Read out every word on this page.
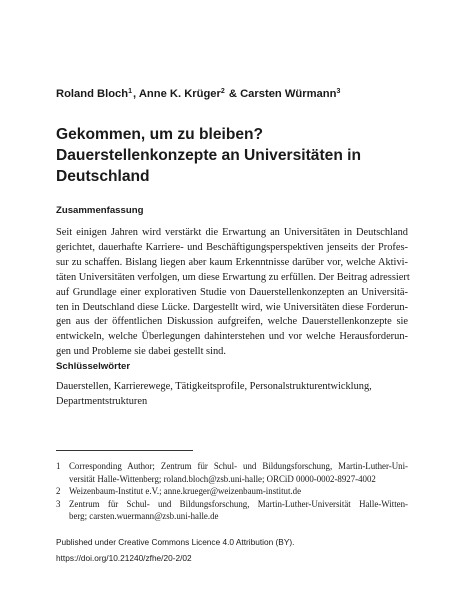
Roland Bloch$^1$, Anne K. Krüger$^2$ & Carsten Würmann$^3$
Gekommen, um zu bleiben?
Dauerstellenkonzepte an Universitäten in
Deutschland
Zusammenfassung
Seit einigen Jahren wird verstärkt die Erwartung an Universitäten in Deutschland
gerichtet, dauerhafte Karriere- und Beschäftigungsperspektiven jenseits der Profes-
sur zu schaffen. Bislang liegen aber kaum Erkenntnisse darüber vor, welche Aktivi-
täten Universitäten verfolgen, um diese Erwartung zu erfüllen. Der Beitrag adressiert
auf Grundlage einer explorativen Studie von Dauerstellenkonzepten an Universitä-
ten in Deutschland diese Lücke. Dargestellt wird, wie Universitäten diese Forderun-
gen aus der öffentlichen Diskussion aufgreifen, welche Dauerstellenkonzepte sie
entwickeln, welche Überlegungen dahinterstehen und vor welche Herausforderun-
gen und Probleme sie dabei gestellt sind.
Schlüsselwörter
Dauerstellen, Karrierewege, Tätigkeitsprofile, Personalstrukturentwicklung,
Departmentstrukturen
1 Corresponding Author; Zentrum für Schul- und Bildungsforschung, Martin-Luther-Uni-
versität Halle-Wittenberg; roland.bloch@zsb.uni-halle; ORCiD 0000-0002-8927-4002
2 Weizenbaum-Institut e.V.; anne.krueger@weizenbaum-institut.de
3 Zentrum für Schul- und Bildungsforschung, Martin-Luther-Universität Halle-Witten-
berg; carsten.wuermann@zsb.uni-halle.de
Published under Creative Commons Licence 4.0 Attribution (BY).
https://doi.org/10.21240/zfhe/20-2/02
